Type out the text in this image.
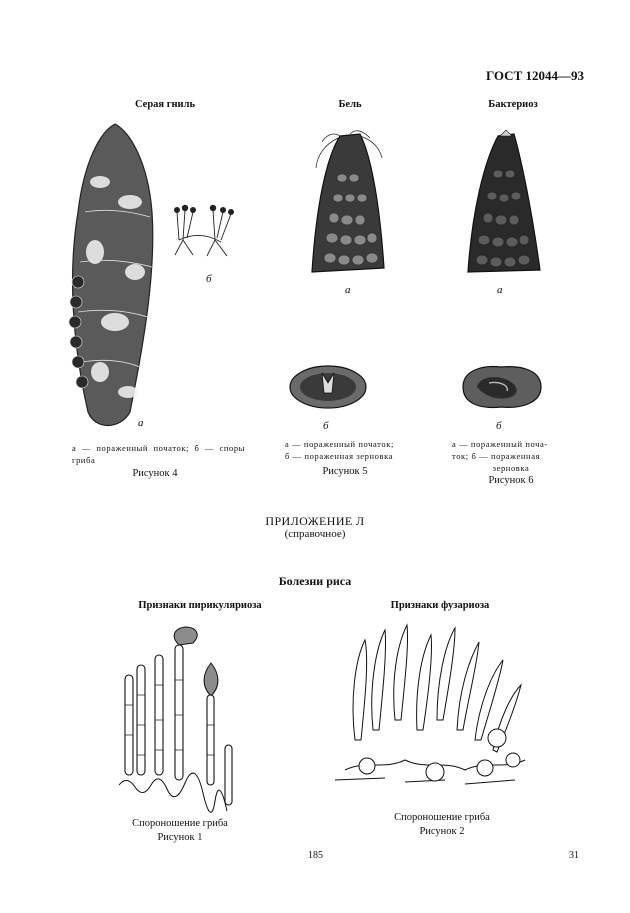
ГОСТ 12044—93
Серая гниль
б
а
а — пораженный початок; б — споры гриба
Рисунок 4
Бель
а
б
а — пораженный початок;
б — пораженная зерновка
Рисунок 5
Бактериоз
а
б
а — пораженный поча-
ток; б — пораженная
зерновка
Рисунок 6
ПРИЛОЖЕНИЕ Л
(справочное)
Болезни риса
Признаки пирикуляриоза
Спороношение гриба
Рисунок 1
Признаки фузариоза
Спороношение гриба
Рисунок 2
185	31
